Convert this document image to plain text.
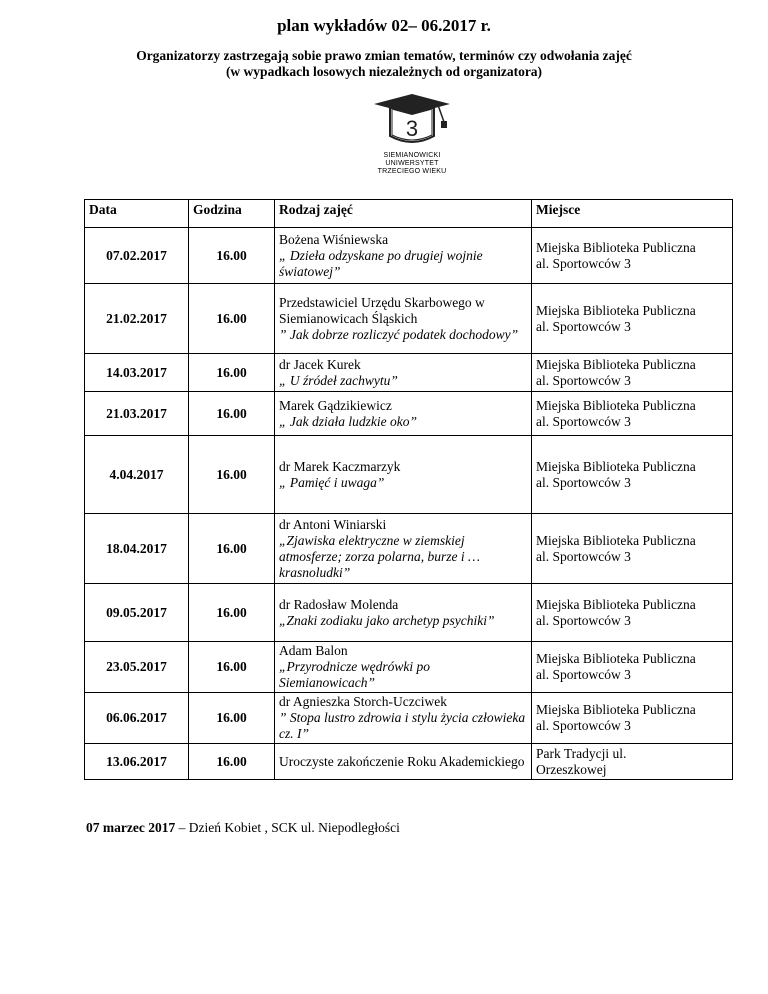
plan wykładów 02– 06.2017 r.
Organizatorzy zastrzegają sobie prawo zmian tematów, terminów czy odwołania zajęć
(w wypadkach losowych niezależnych od organizatora)
3
SIEMIANOWICKI
UNIWERSYTET
TRZECIEGO WIEKU
Data	Godzina	Rodzaj zajęć	Miejsce
07.02.2017	16.00	Bożena Wiśniewska
„ Dzieła odzyskane po drugiej wojnie światowej”	Miejska Biblioteka Publiczna
al. Sportowców 3

21.02.2017	16.00	Przedstawiciel Urzędu Skarbowego w Siemianowicach Śląskich
” Jak dobrze rozliczyć podatek dochodowy”	Miejska Biblioteka Publiczna
al. Sportowców 3

14.03.2017	16.00	dr Jacek Kurek
„ U źródeł zachwytu”	Miejska Biblioteka Publiczna
al. Sportowców 3

21.03.2017	16.00	Marek Gądzikiewicz
„ Jak działa ludzkie oko”	Miejska Biblioteka Publiczna
al. Sportowców 3

4.04.2017	16.00	dr Marek Kaczmarzyk
„ Pamięć i uwaga”	Miejska Biblioteka Publiczna
al. Sportowców 3

18.04.2017	16.00	dr Antoni Winiarski
„Zjawiska elektryczne w ziemskiej atmosferze; zorza polarna, burze i …krasnoludki”	Miejska Biblioteka Publiczna
al. Sportowców 3

09.05.2017	16.00	dr Radosław Molenda
„Znaki zodiaku jako archetyp psychiki”	Miejska Biblioteka Publiczna
al. Sportowców 3

23.05.2017	16.00	Adam Balon
„Przyrodnicze wędrówki po Siemianowicach”	Miejska Biblioteka Publiczna
al. Sportowców 3

06.06.2017	16.00	dr Agnieszka Storch-Uczciwek
” Stopa lustro zdrowia i stylu życia człowieka cz. I”	Miejska Biblioteka Publiczna
al. Sportowców 3

13.06.2017	16.00	Uroczyste zakończenie Roku Akademickiego	Park Tradycji ul.
Orzeszkowej
07 marzec 2017 – Dzień Kobiet , SCK ul. Niepodległości
